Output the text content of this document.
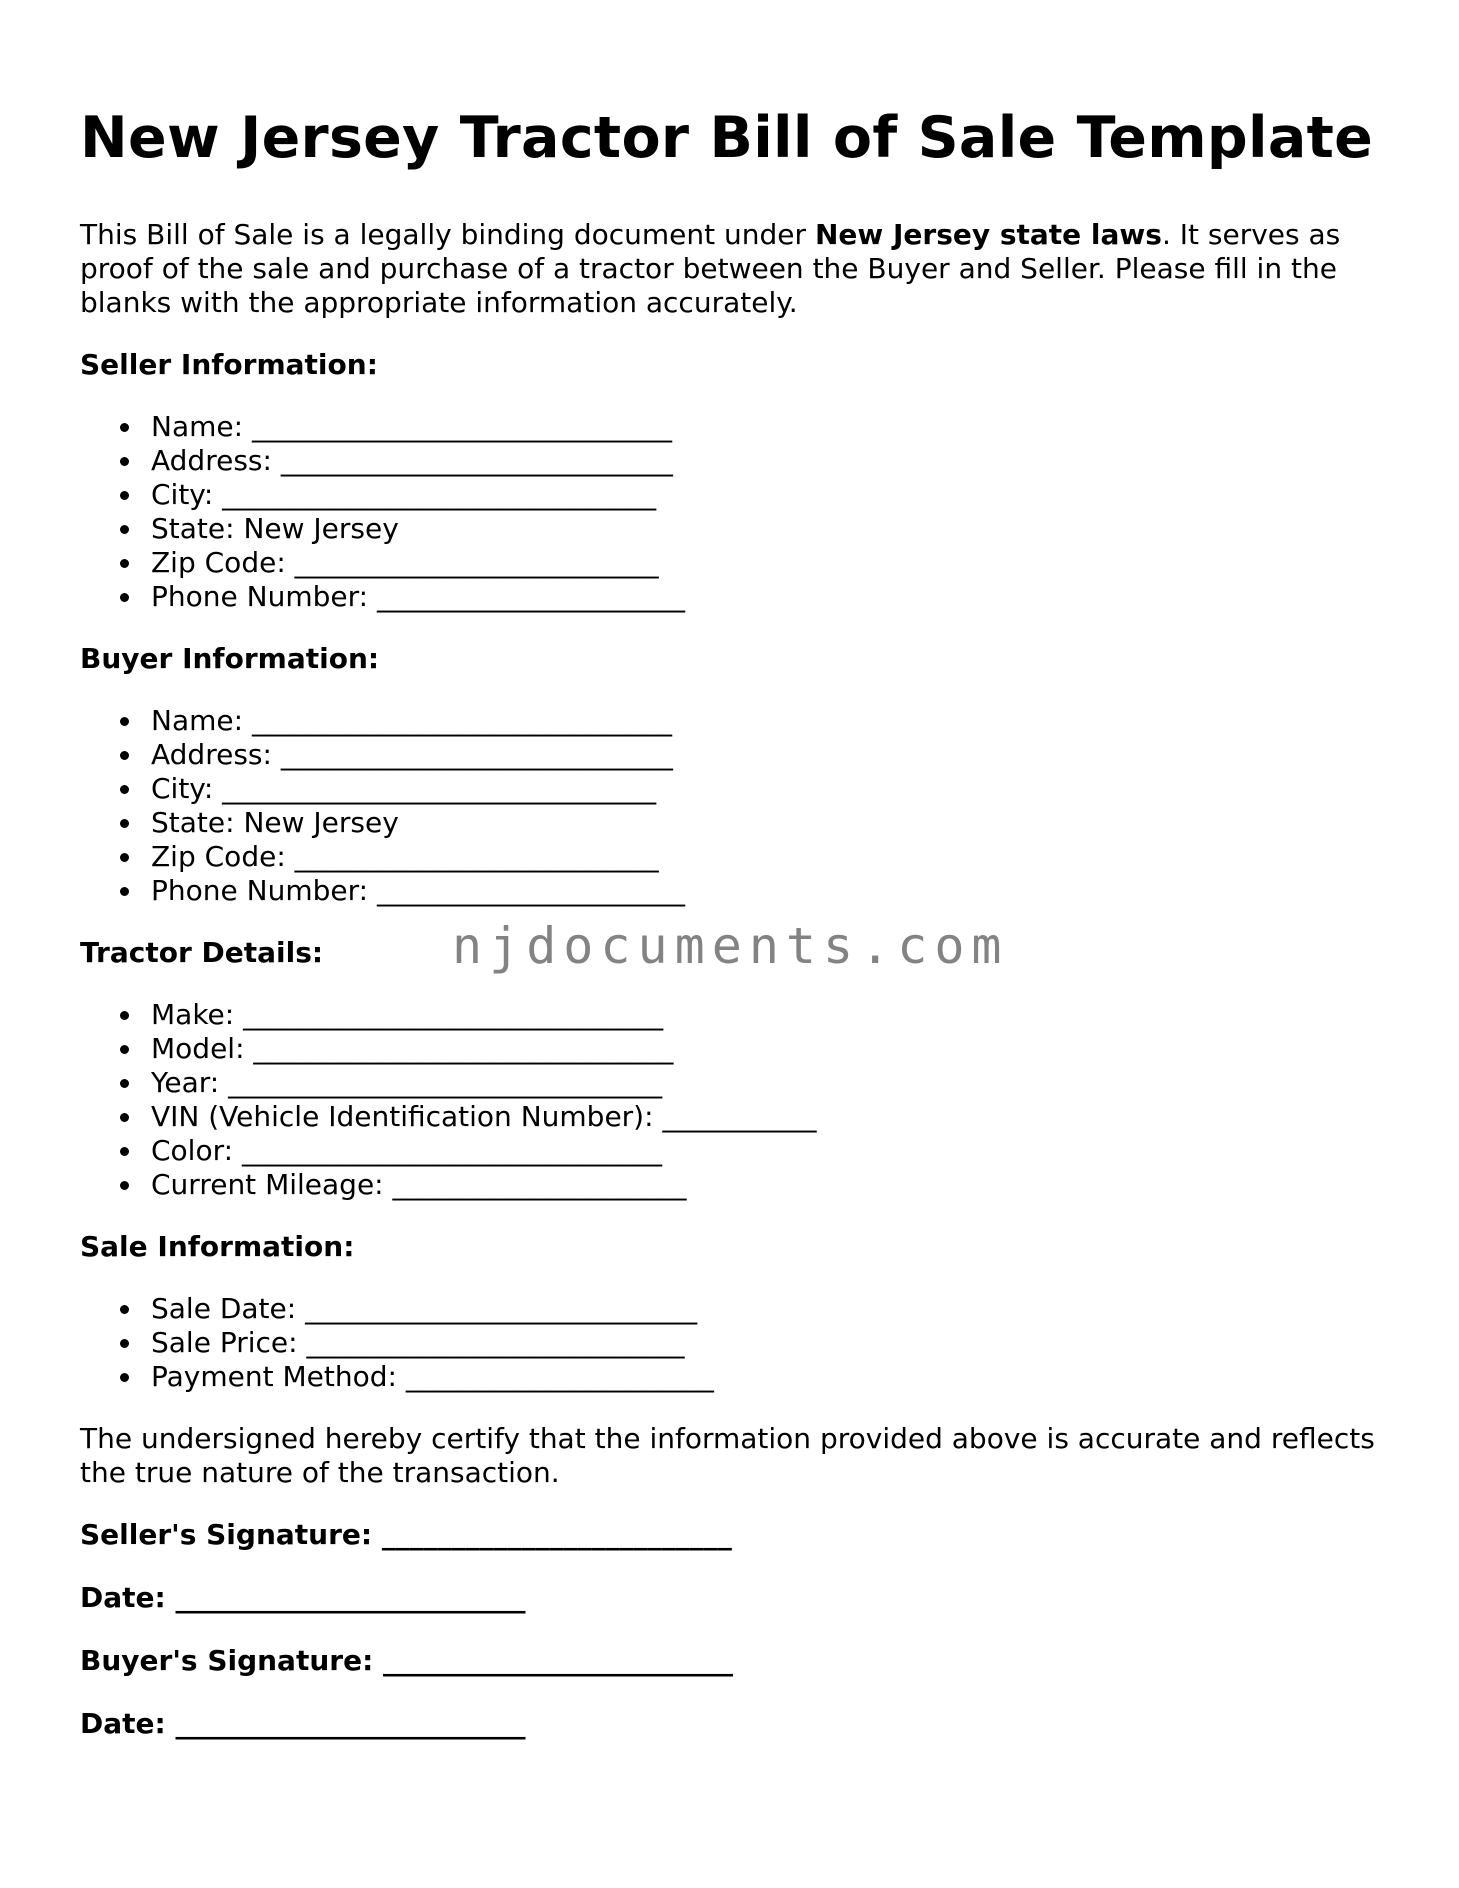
New Jersey Tractor Bill of Sale Template

This Bill of Sale is a legally binding document under New Jersey state laws. It serves as proof of the sale and purchase of a tractor between the Buyer and Seller. Please fill in the blanks with the appropriate information accurately.

Seller Information:
Name: ______________________________
Address: ____________________________
City: _______________________________
State: New Jersey
Zip Code: __________________________
Phone Number: ______________________
Buyer Information:
Name: ______________________________
Address: ____________________________
City: _______________________________
State: New Jersey
Zip Code: __________________________
Phone Number: ______________________
Tractor Details:
Make: ______________________________
Model: ______________________________
Year: _______________________________
VIN (Vehicle Identification Number): ___________
Color: ______________________________
Current Mileage: _____________________
Sale Information:
Sale Date: ____________________________
Sale Price: ___________________________
Payment Method: ______________________

The undersigned hereby certify that the information provided above is accurate and reflects the true nature of the transaction.

Seller's Signature: _________________________
Date: _________________________
Buyer's Signature: _________________________
Date: _________________________
njdocuments.com
